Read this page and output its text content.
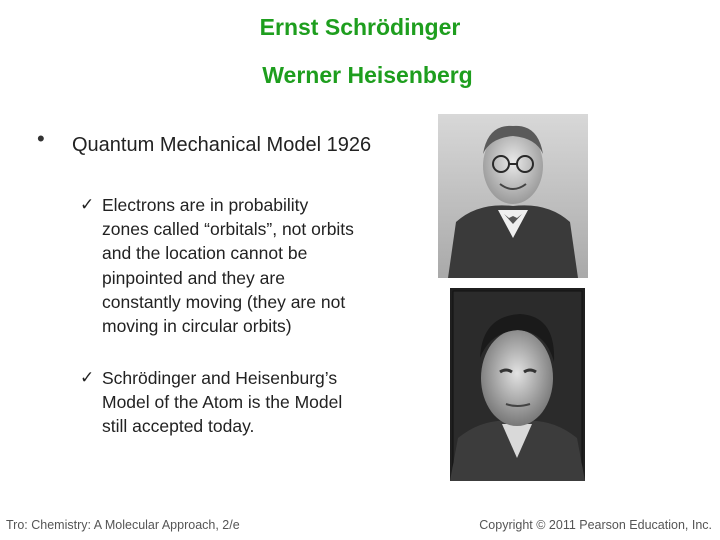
Ernst Schrödinger
Werner Heisenberg
• Quantum Mechanical Model 1926
✓ Electrons are in probability zones called “orbitals”, not orbits and the location cannot be pinpointed and they are constantly moving (they are not moving in circular orbits)
✓ Schrödinger and Heisenburg’s Model of the Atom is the Model still accepted today.
Tro: Chemistry: A Molecular Approach, 2/e	Copyright © 2011 Pearson Education, Inc.
